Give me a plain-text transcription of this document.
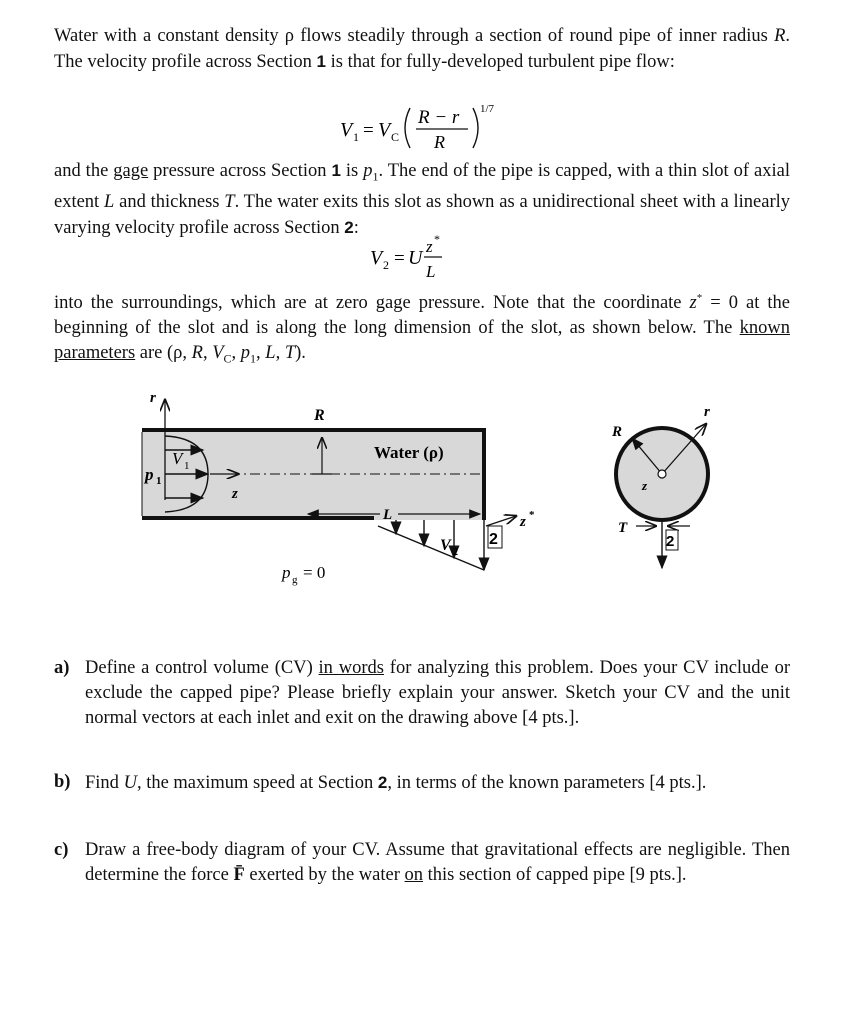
Water with a constant density ρ flows steadily through a section of round pipe of inner radius R. The velocity profile across Section 1 is that for fully-developed turbulent pipe flow:

V 1 = V C
R − r
R
1/7

and the gage pressure across Section 1 is $p_1$. The end of the pipe is capped, with a thin slot of axial extent L and thickness T. The water exits this slot as shown as a unidirectional sheet with a linearly varying velocity profile across Section 2:

V 2 = U
z *
L

into the surroundings, which are at zero gage pressure. Note that the coordinate z* = 0 at the beginning of the slot and is along the long dimension of the slot, as shown below. The known parameters are (ρ, R, $V_C$, $p_1$, L, T).

r
V 1
p 1
z
R
Water (ρ)
L
V 2
2
z *
p g = 0
R
r
z
T
2
a) Define a control volume (CV) in words for analyzing this problem. Does your CV include or exclude the capped pipe? Please briefly explain your answer. Sketch your CV and the unit normal vectors at each inlet and exit on the drawing above [4 pts.].
b) Find U, the maximum speed at Section 2, in terms of the known parameters [4 pts.].
c) Draw a free-body diagram of your CV. Assume that gravitational effects are negligible. Then determine the force F̄ exerted by the water on this section of capped pipe [9 pts.].
